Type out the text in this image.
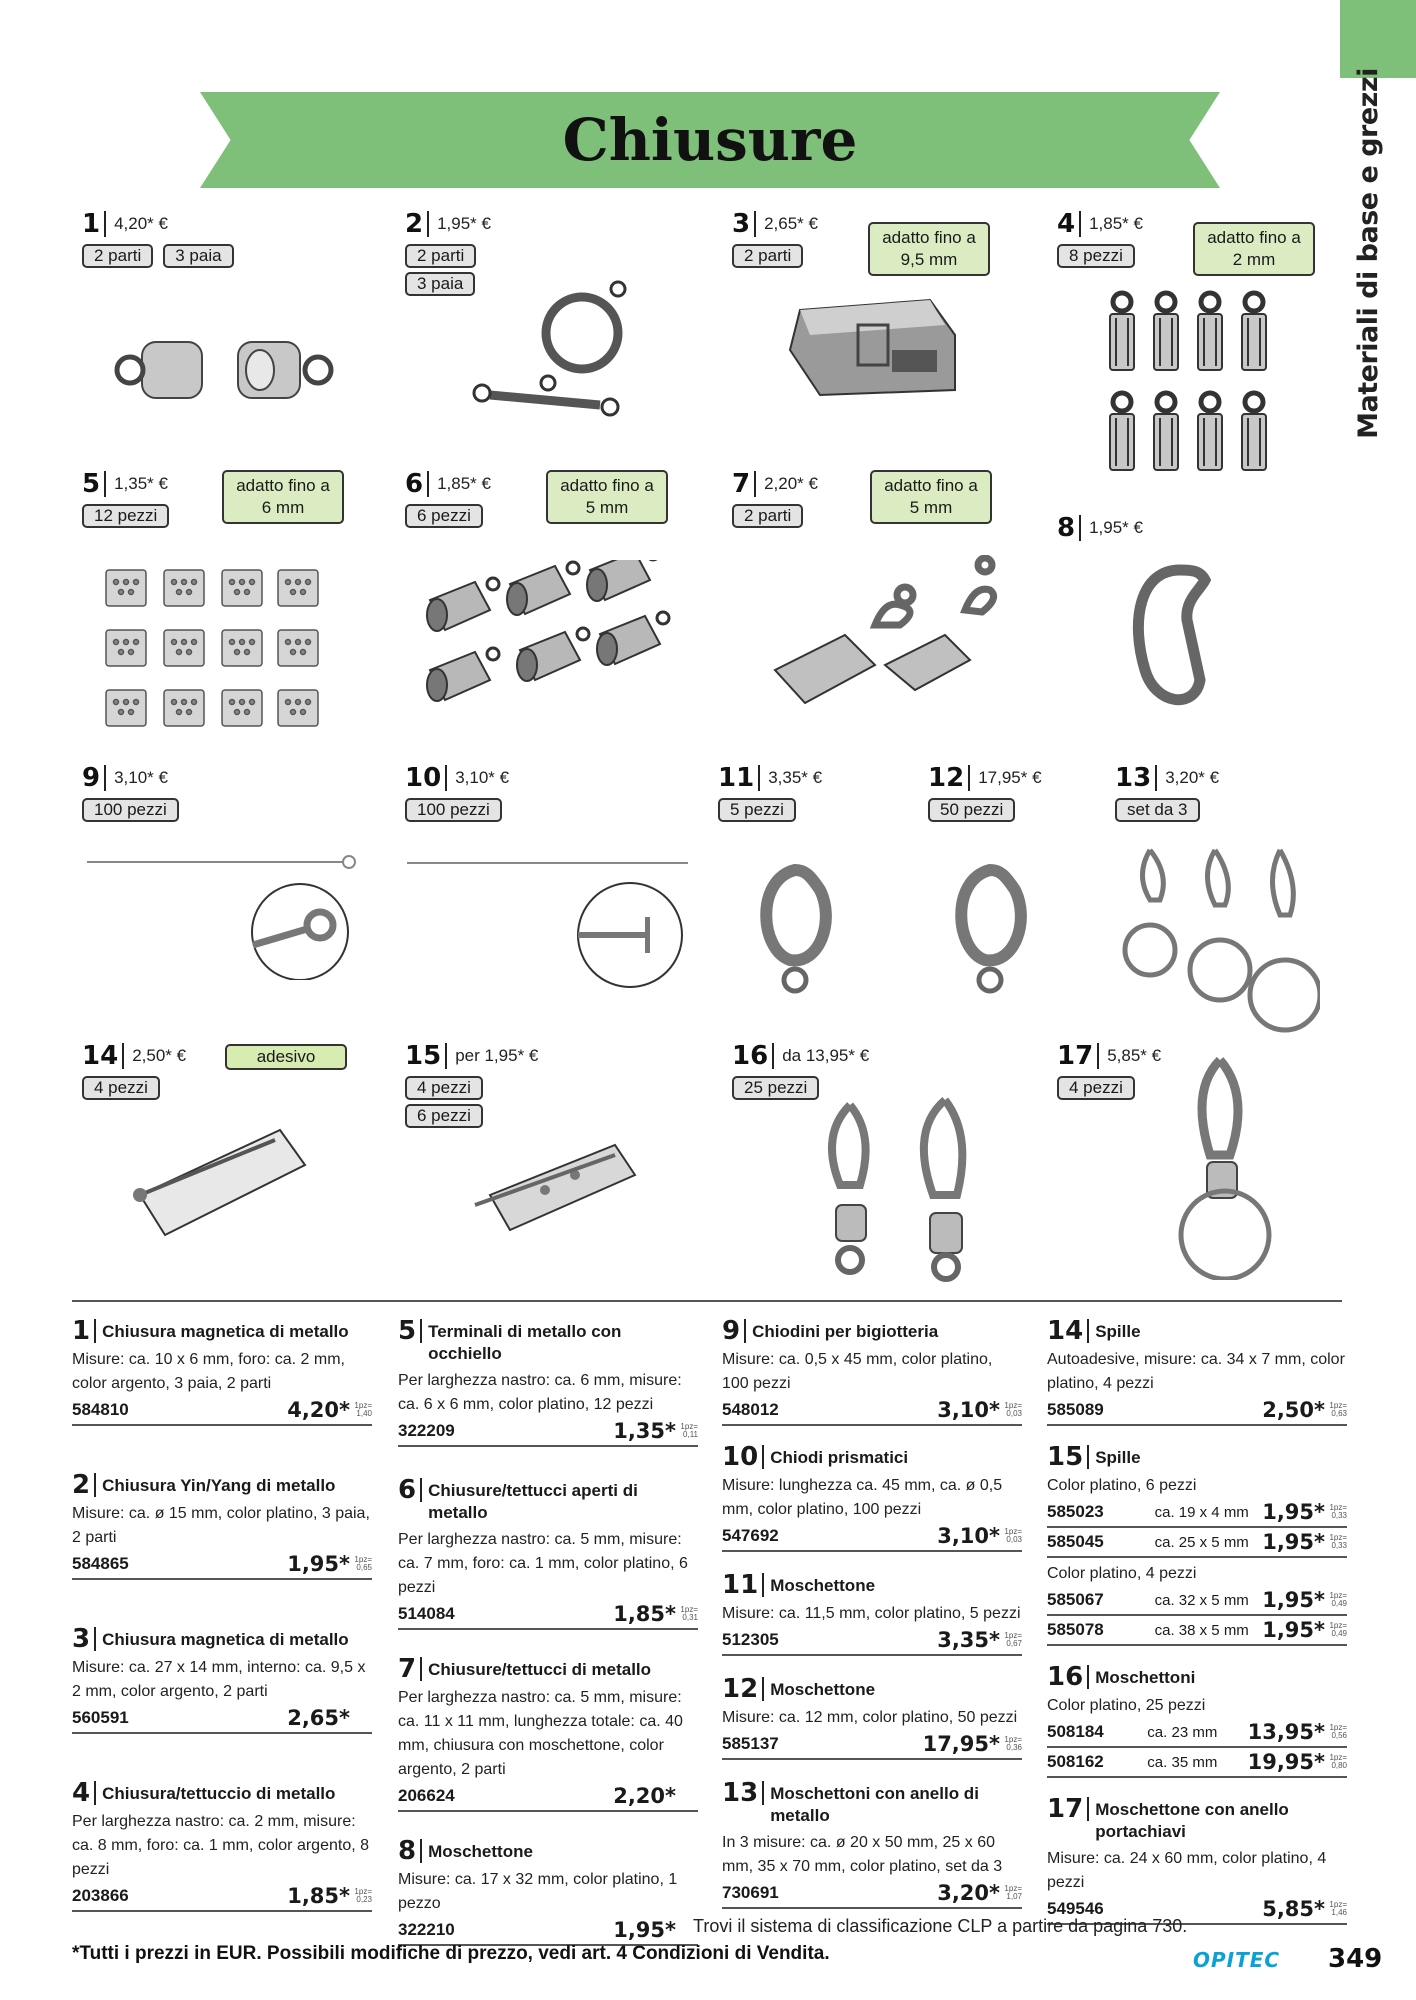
Materiali di base e grezzi
Chiusure
1 4,20* €
2 parti	3 paia
2 1,95* €
2 parti
3 paia
3 2,65* €
2 parti
adatto fino a
9,5 mm
4 1,85* €
8 pezzi
adatto fino a
2 mm
5 1,35* €
12 pezzi
adatto fino a
6 mm
6 1,85* €
6 pezzi
adatto fino a
5 mm
7 2,20* €
2 parti
adatto fino a
5 mm
8 1,95* €
9 3,10* €
100 pezzi
10 3,10* €
100 pezzi
11 3,35* €
5 pezzi
12 17,95* €
50 pezzi
13 3,20* €
set da 3
14 2,50* €
4 pezzi
adesivo	15 per 1,95* €
4 pezzi
6 pezzi
16 da 13,95* €
25 pezzi
17 5,85* €
4 pezzi
1 Chiusura magnetica di metallo
Misure: ca. 10 x 6 mm, foro: ca. 2 mm, color argento, 3 paia, 2 parti
584810	4,20* 1pz=
1,40
2 Chiusura Yin/Yang di metallo
Misure: ca. ø 15 mm, color platino, 3 paia, 2 parti
584865	1,95* 1pz=
0,65
3 Chiusura magnetica di metallo
Misure: ca. 27 x 14 mm, interno: ca. 9,5 x 2 mm, color argento, 2 parti
560591	2,65*
4 Chiusura/tettuccio di metallo
Per larghezza nastro: ca. 2 mm, misure: ca. 8 mm, foro: ca. 1 mm, color argento, 8 pezzi
203866	1,85* 1pz=
0,23
5 Terminali di metallo con occhiello
Per larghezza nastro: ca. 6 mm, misure: ca. 6 x 6 mm, color platino, 12 pezzi
322209	1,35* 1pz=
0,11
6 Chiusure/tettucci aperti di metallo
Per larghezza nastro: ca. 5 mm, misure: ca. 7 mm, foro: ca. 1 mm, color platino, 6 pezzi
514084	1,85* 1pz=
0,31
7 Chiusure/tettucci di metallo
Per larghezza nastro: ca. 5 mm, misure: ca. 11 x 11 mm, lunghezza totale: ca. 40 mm, chiusura con moschettone, color argento, 2 parti
206624	2,20*
8 Moschettone
Misure: ca. 17 x 32 mm, color platino, 1 pezzo
322210	1,95*
9 Chiodini per bigiotteria
Misure: ca. 0,5 x 45 mm, color platino, 100 pezzi
548012	3,10* 1pz=
0,03
10 Chiodi prismatici
Misure: lunghezza ca. 45 mm, ca. ø 0,5 mm, color platino, 100 pezzi
547692	3,10* 1pz=
0,03
11 Moschettone
Misure: ca. 11,5 mm, color platino, 5 pezzi
512305	3,35* 1pz=
0,67
12 Moschettone
Misure: ca. 12 mm, color platino, 50 pezzi
585137	17,95* 1pz=
0,36
13 Moschettoni con anello di metallo
In 3 misure: ca. ø 20 x 50 mm, 25 x 60 mm, 35 x 70 mm, color platino, set da 3
730691	3,20* 1pz=
1,07
14 Spille
Autoadesive, misure: ca. 34 x 7 mm, color platino, 4 pezzi
585089	2,50* 1pz=
0,63
15 Spille
Color platino, 6 pezzi
585023	ca. 19 x 4 mm 1,95* 1pz=
0,33
585045	ca. 25 x 5 mm 1,95* 1pz=
0,33
Color platino, 4 pezzi
585067	ca. 32 x 5 mm 1,95* 1pz=
0,49
585078	ca. 38 x 5 mm 1,95* 1pz=
0,49
16 Moschettoni
Color platino, 25 pezzi
508184	ca. 23 mm	13,95* 1pz=
0,56
508162	ca. 35 mm	19,95* 1pz=
0,80
17 Moschettone con anello portachiavi
Misure: ca. 24 x 60 mm, color platino, 4 pezzi
549546	5,85* 1pz=
1,46
Trovi il sistema di classificazione CLP a partire da pagina 730.
*Tutti i prezzi in EUR. Possibili modifiche di prezzo, vedi art. 4 Condizioni di Vendita.	OPITEC 349
